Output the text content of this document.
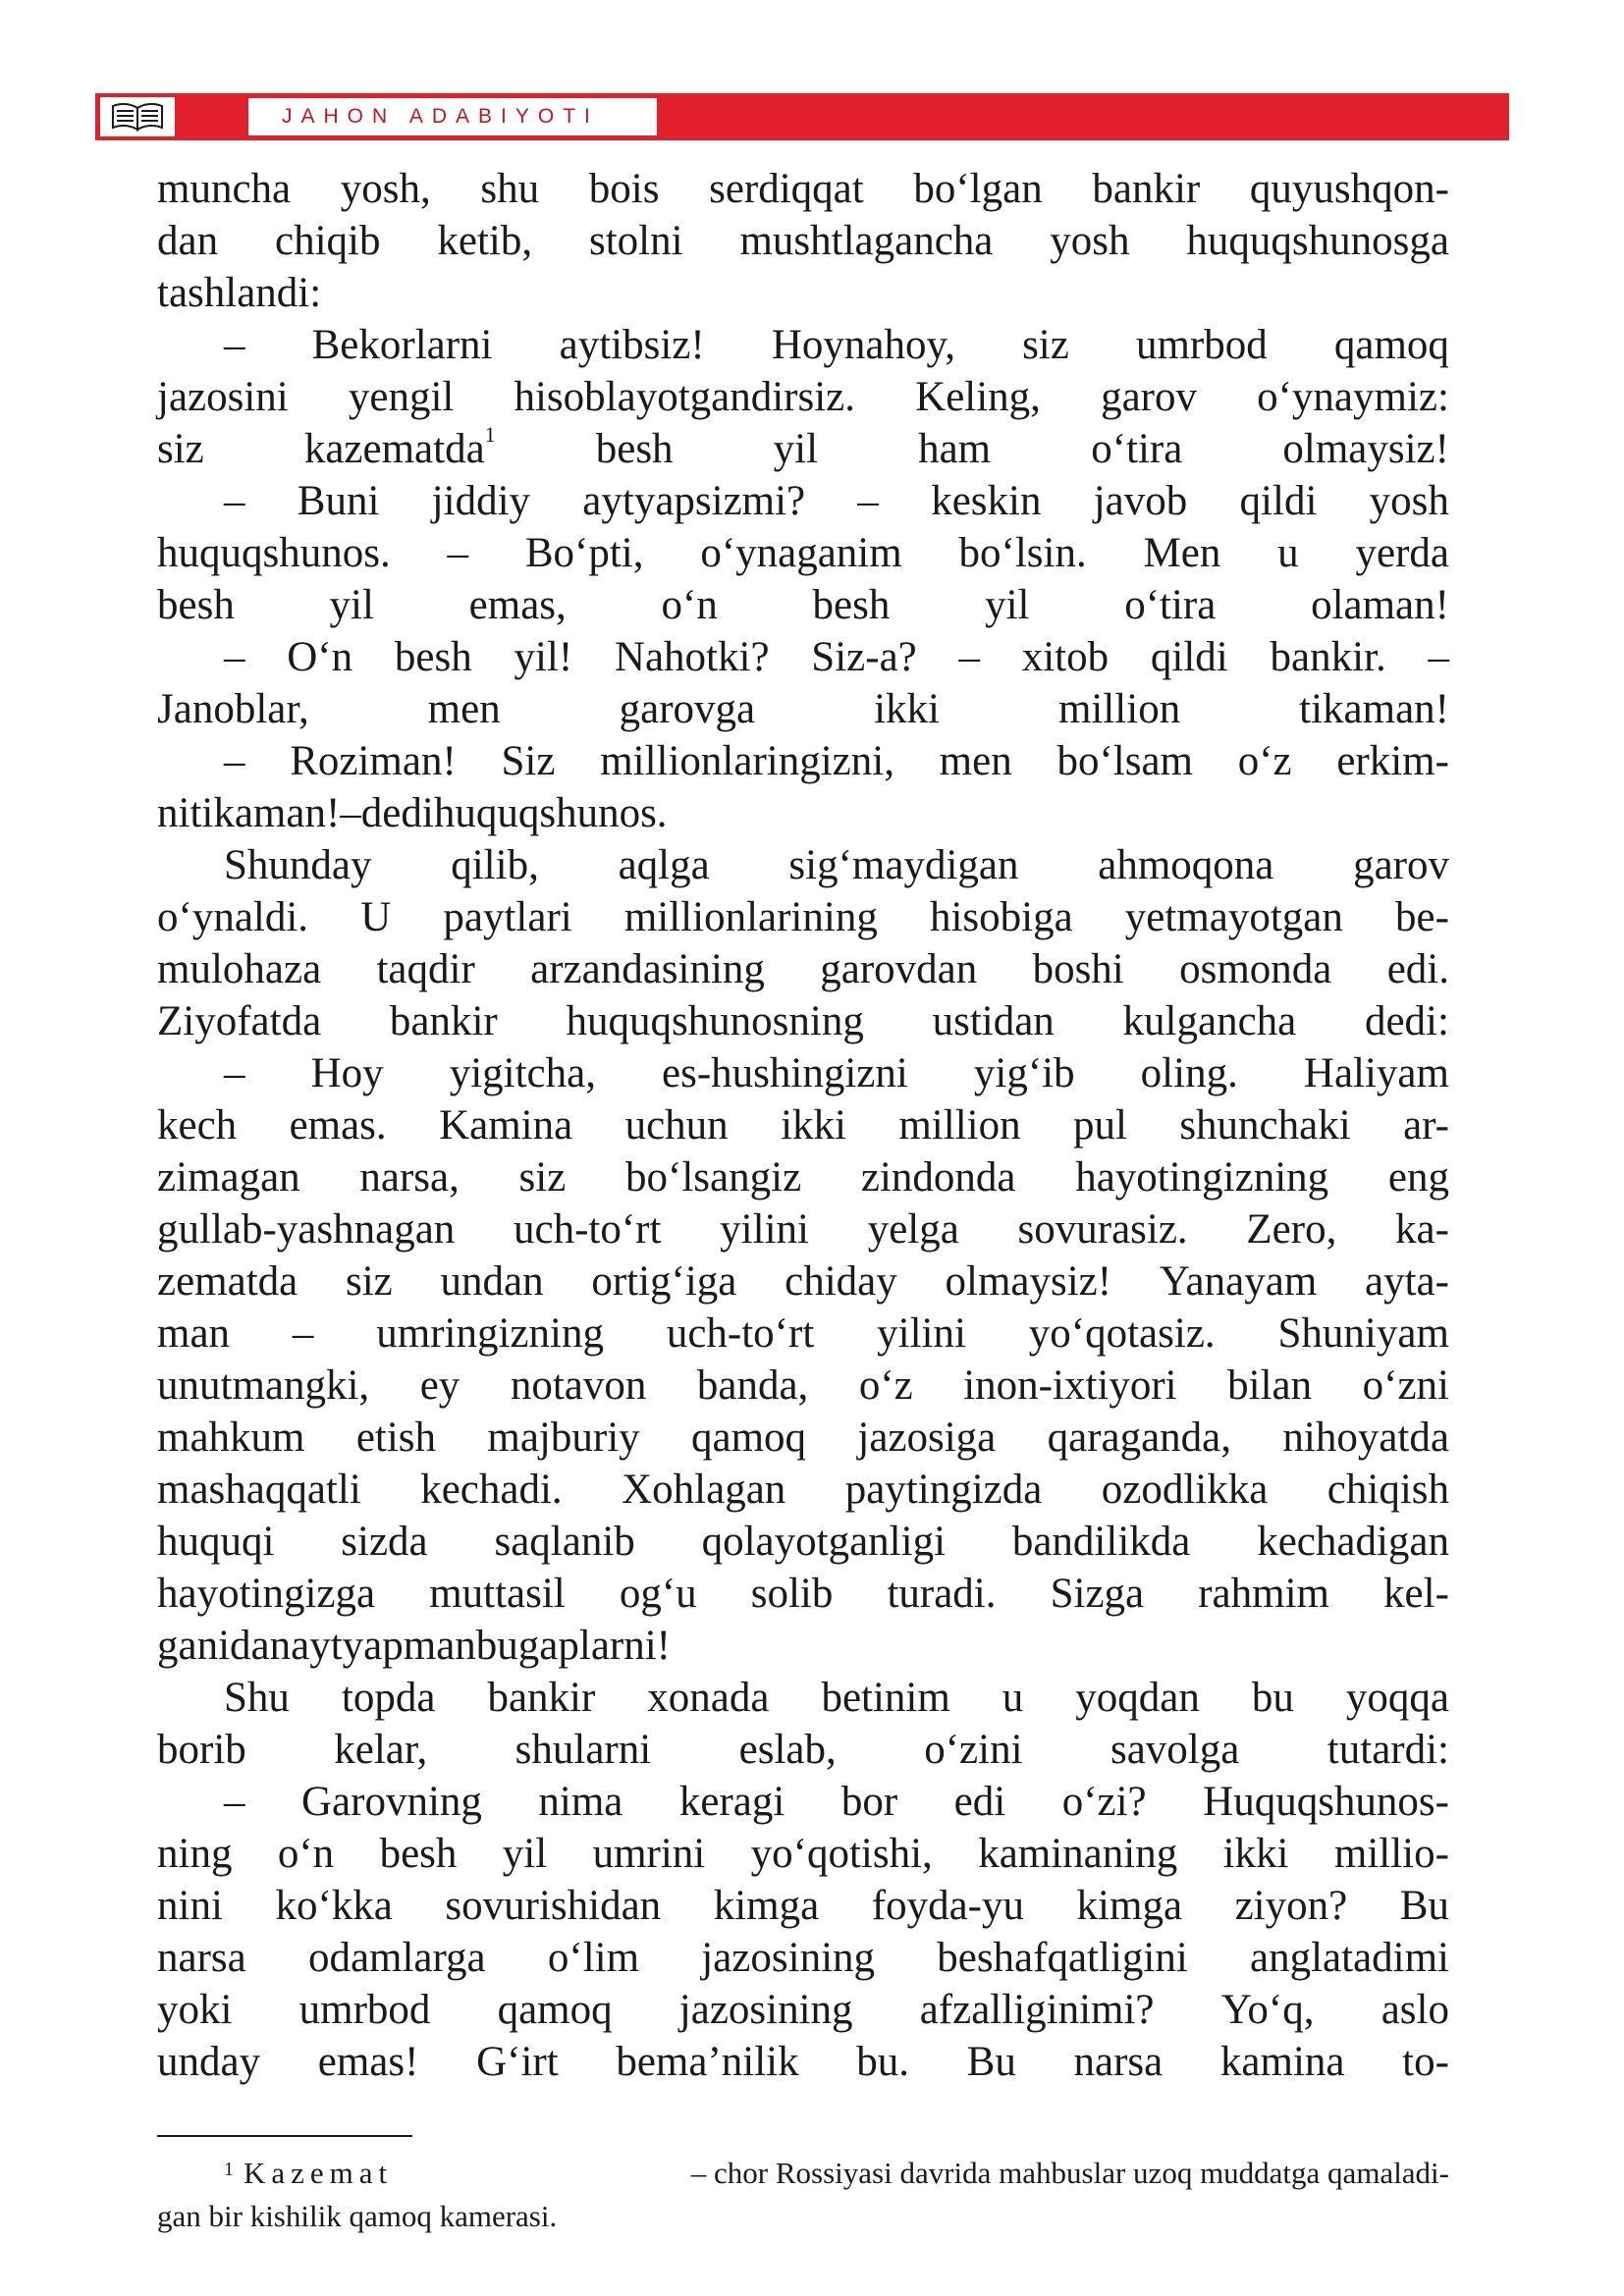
JAHON ADABIYOTI
muncha yosh, shu bois serdiqqat bo‘lgan bankir quyushqon-
dan chiqib ketib, stolni mushtlagancha yosh huquqshunosga
tashlandi:
– Bekorlarni aytibsiz! Hoynahoy, siz umrbod qamoq
jazosini yengil hisoblayotgandirsiz. Keling, garov o‘ynaymiz:
siz kazematda$^1$ besh yil ham o‘tira olmaysiz!
– Buni jiddiy aytyapsizmi? – keskin javob qildi yosh
huquqshunos. – Bo‘pti, o‘ynaganim bo‘lsin. Men u yerda
besh yil emas, o‘n besh yil o‘tira olaman!
– O‘n besh yil! Nahotki? Siz-a? – xitob qildi bankir. –
Janoblar,	men	garovga	ikki	million	tikaman!
– Roziman! Siz millionlaringizni, men bo‘lsam o‘z erkim-
ni tikaman! – dedi huquqshunos.
Shunday qilib, aqlga sig‘maydigan ahmoqona garov
o‘ynaldi. U paytlari millionlarining hisobiga yetmayotgan be-
mulohaza taqdir arzandasining garovdan boshi osmonda edi.
Ziyofatda bankir huquqshunosning ustidan kulgancha dedi:
– Hoy yigitcha, es-hushingizni yig‘ib oling. Haliyam
kech emas. Kamina uchun ikki million pul shunchaki ar-
zimagan narsa, siz bo‘lsangiz zindonda hayotingizning eng
gullab-yashnagan uch-to‘rt yilini yelga sovurasiz. Zero, ka-
zematda siz undan ortig‘iga chiday olmaysiz! Yanayam ayta-
man – umringizning uch-to‘rt yilini yo‘qotasiz. Shuniyam
unutmangki, ey notavon banda, o‘z inon-ixtiyori bilan o‘zni
mahkum etish majburiy qamoq jazosiga qaraganda, nihoyatda
mashaqqatli kechadi. Xohlagan paytingizda ozodlikka chiqish
huquqi sizda saqlanib qolayotganligi bandilikda kechadigan
hayotingizga muttasil og‘u solib turadi. Sizga rahmim kel-
ganidan aytyapman bu gaplarni!
Shu topda bankir xonada betinim u yoqdan bu yoqqa
borib kelar, shularni eslab, o‘zini savolga tutardi:
– Garovning nima keragi bor edi o‘zi? Huquqshunos-
ning o‘n besh yil umrini yo‘qotishi, kaminaning ikki millio-
nini ko‘kka sovurishidan kimga foyda-yu kimga ziyon? Bu
narsa odamlarga o‘lim jazosining beshafqatligini anglatadimi
yoki umrbod qamoq jazosining afzalliginimi? Yo‘q, aslo
unday emas! G‘irt bema’nilik bu. Bu narsa kamina to-
$^1$ Kazemat	– chor Rossiyasi davrida mahbuslar uzoq muddatga qamaladi-
gan bir kishilik qamoq kamerasi.
